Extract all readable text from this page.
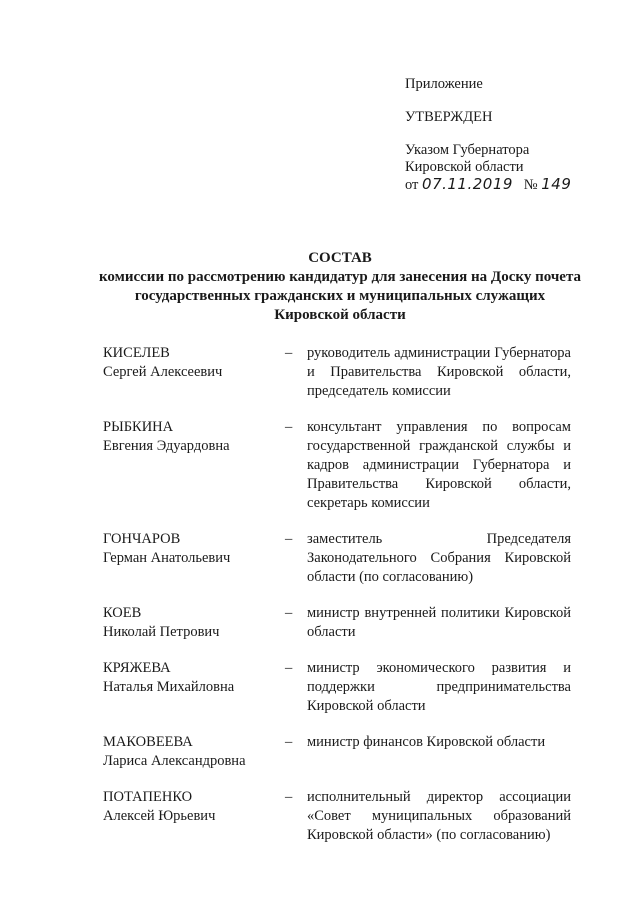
Приложение
УТВЕРЖДЕН
Указом Губернатора
Кировской области
от 07.11.2019 № 149
СОСТАВ
комиссии по рассмотрению кандидатур для занесения на Доску почета
государственных гражданских и муниципальных служащих
Кировской области
КИСЕЛЕВ
Сергей Алексеевич
–	руководитель администрации Губернатора и Правительства Кировской области, председатель комиссии
РЫБКИНА
Евгения Эдуардовна
–	консультант управления по вопросам государственной гражданской службы и кадров администрации Губернатора и Правительства Кировской области, секретарь комиссии
ГОНЧАРОВ
Герман Анатольевич
–	заместитель Председателя Законодательного Собрания Кировской области (по согласованию)
КОЕВ
Николай Петрович
–	министр внутренней политики Кировской области
КРЯЖЕВА
Наталья Михайловна
–	министр экономического развития и поддержки предпринимательства Кировской области
МАКОВЕЕВА
Лариса Александровна
–	министр финансов Кировской области
ПОТАПЕНКО
Алексей Юрьевич
–	исполнительный директор ассоциации «Совет муниципальных образований Кировской области» (по согласованию)
